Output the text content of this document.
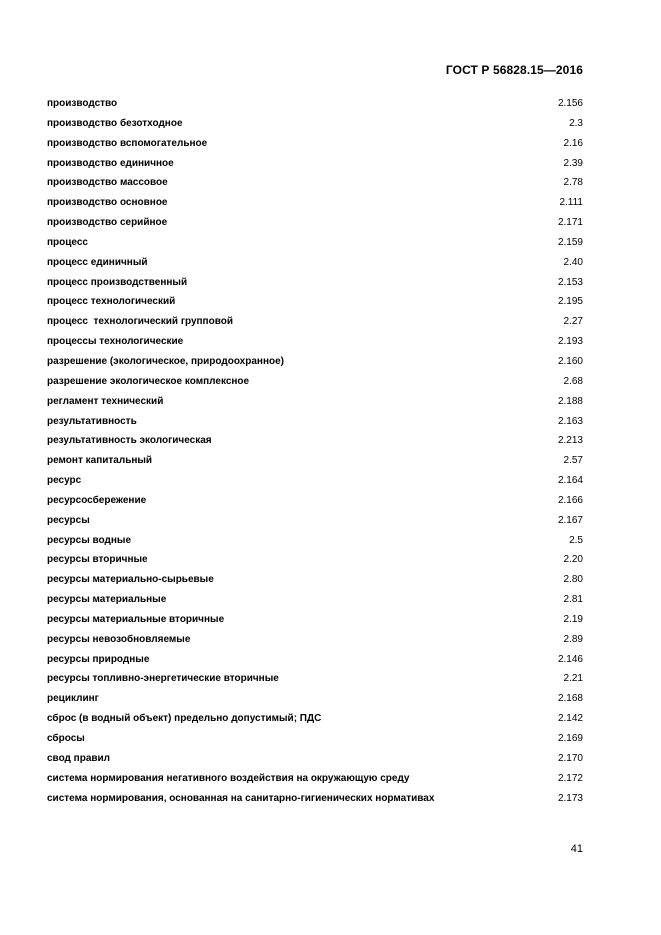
ГОСТ Р 56828.15—2016
производство	2.156
производство безотходное	2.3
производство вспомогательное	2.16
производство единичное	2.39
производство массовое	2.78
производство основное	2.111
производство серийное	2.171
процесс	2.159
процесс единичный	2.40
процесс производственный	2.153
процесс технологический	2.195
процесс  технологический групповой	2.27
процессы технологические	2.193
разрешение (экологическое, природоохранное)	2.160
разрешение экологическое комплексное	2.68
регламент технический	2.188
результативность	2.163
результативность экологическая	2.213
ремонт капитальный	2.57
ресурс	2.164
ресурсосбережение	2.166
ресурсы	2.167
ресурсы водные	2.5
ресурсы вторичные	2.20
ресурсы материально-сырьевые	2.80
ресурсы материальные	2.81
ресурсы материальные вторичные	2.19
ресурсы невозобновляемые	2.89
ресурсы природные	2.146
ресурсы топливно-энергетические вторичные	2.21
рециклинг	2.168
сброс (в водный объект) предельно допустимый; ПДС	2.142
сбросы	2.169
свод правил	2.170
система нормирования негативного воздействия на окружающую среду	2.172
система нормирования, основанная на санитарно-гигиенических нормативах	2.173
41
